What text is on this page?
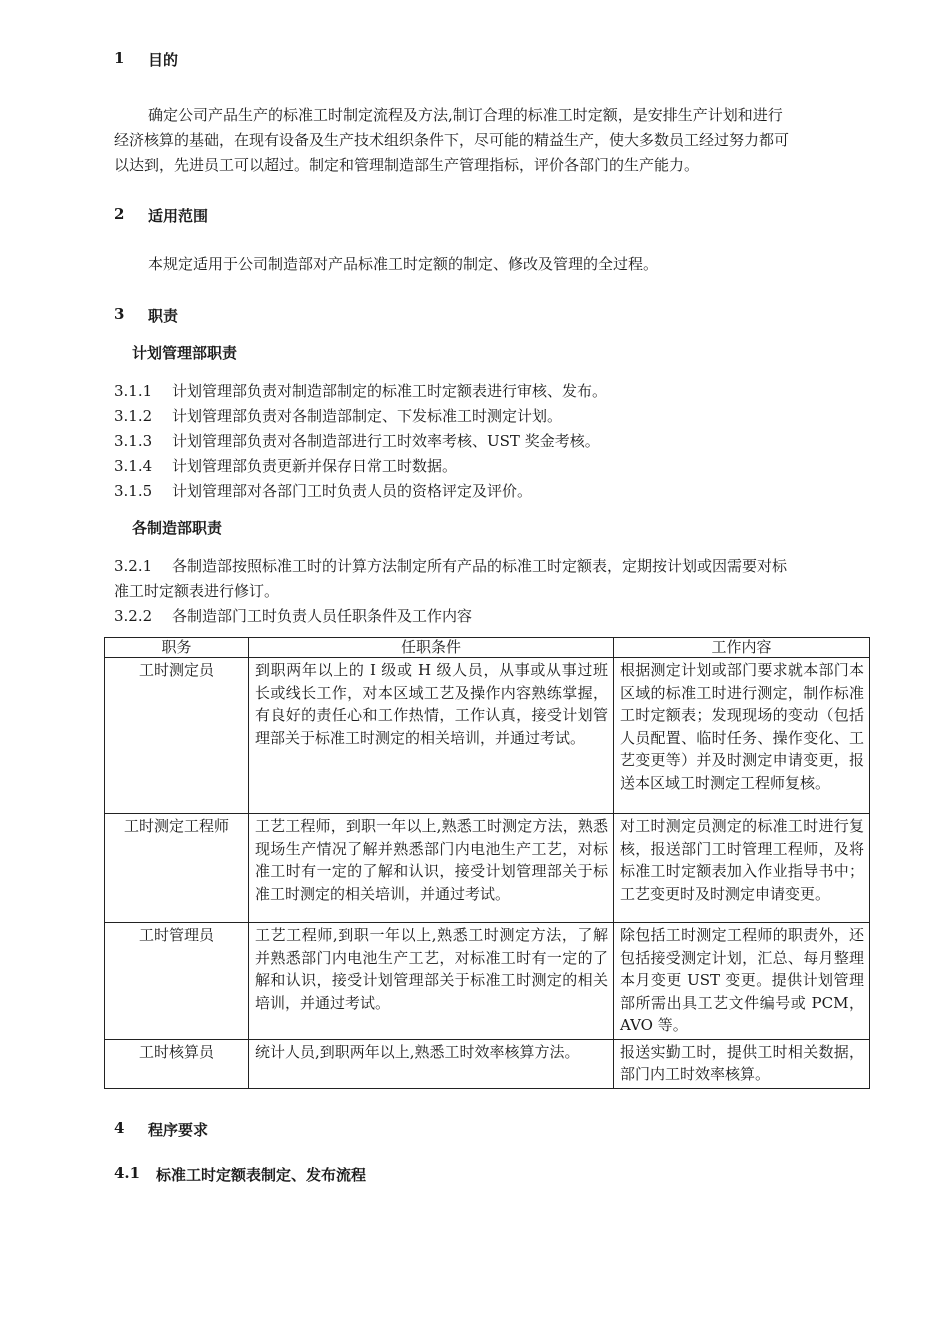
1 目的
确定公司产品生产的标准工时制定流程及方法,制订合理的标准工时定额，是安排生产计划和进行
经济核算的基础，在现有设备及生产技术组织条件下，尽可能的精益生产，使大多数员工经过努力都可
以达到，先进员工可以超过。制定和管理制造部生产管理指标，评价各部门的生产能力。
2 适用范围
本规定适用于公司制造部对产品标准工时定额的制定、修改及管理的全过程。
3 职责
计划管理部职责
3.1.1 计划管理部负责对制造部制定的标准工时定额表进行审核、发布。
3.1.2 计划管理部负责对各制造部制定、下发标准工时测定计划。
3.1.3 计划管理部负责对各制造部进行工时效率考核、UST 奖金考核。
3.1.4 计划管理部负责更新并保存日常工时数据。
3.1.5 计划管理部对各部门工时负责人员的资格评定及评价。
各制造部职责
3.2.1 各制造部按照标准工时的计算方法制定所有产品的标准工时定额表，定期按计划或因需要对标
准工时定额表进行修订。
3.2.2 各制造部门工时负责人员任职条件及工作内容
职务	任职条件	工作内容
工时测定员	到职两年以上的 I 级或 H 级人员，从事或从事过班长或线长工作，对本区域工艺及操作内容熟练掌握，有良好的责任心和工作热情，工作认真，接受计划管理部关于标准工时测定的相关培训，并通过考试。	根据测定计划或部门要求就本部门本区域的标准工时进行测定，制作标准工时定额表；发现现场的变动（包括人员配置、临时任务、操作变化、工艺变更等）并及时测定申请变更，报送本区域工时测定工程师复核。
工时测定工程师	工艺工程师，到职一年以上,熟悉工时测定方法，熟悉现场生产情况了解并熟悉部门内电池生产工艺，对标准工时有一定的了解和认识，接受计划管理部关于标准工时测定的相关培训，并通过考试。	对工时测定员测定的标准工时进行复核，报送部门工时管理工程师，及将标准工时定额表加入作业指导书中；工艺变更时及时测定申请变更。
工时管理员	工艺工程师,到职一年以上,熟悉工时测定方法，了解并熟悉部门内电池生产工艺，对标准工时有一定的了解和认识，接受计划管理部关于标准工时测定的相关培训，并通过考试。	除包括工时测定工程师的职责外，还包括接受测定计划，汇总、每月整理本月变更 UST 变更。提供计划管理部所需出具工艺文件编号或 PCM，AVO 等。
工时核算员	统计人员,到职两年以上,熟悉工时效率核算方法。	报送实勤工时，提供工时相关数据，部门内工时效率核算。
4 程序要求
4.1 标准工时定额表制定、发布流程
